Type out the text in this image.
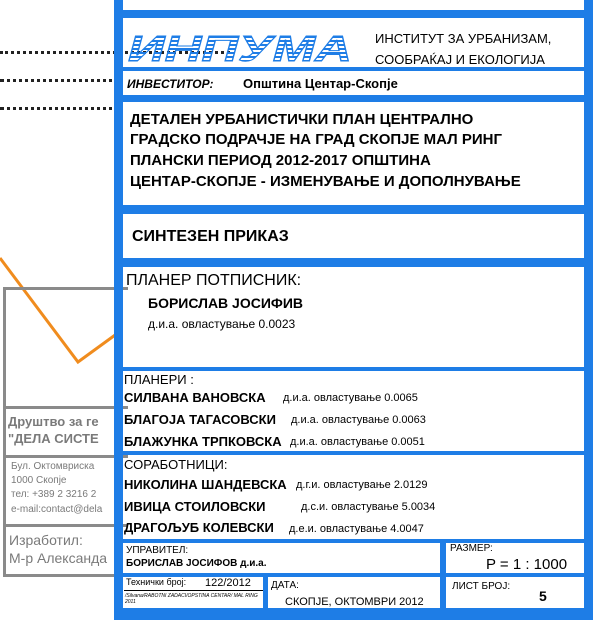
Друштво за ге
"ДЕЛА СИСТЕ
Бул. Октомвриска
1000 Скопје
тел: +389 2 3216 2
e-mail:contact@dela
Изработил:
М-р Александа
ИНПУМА ИНСТИТУТ ЗА УРБАНИЗАМ,
СООБРАЌАЈ И ЕКОЛОГИЈА
ИНВЕСТИТОР: Општина Центар-Скопје
ДЕТАЛЕН УРБАНИСТИЧКИ ПЛАН ЦЕНТРАЛНО
ГРАДСКО ПОДРАЧЈЕ НА ГРАД СКОПЈЕ МАЛ РИНГ
ПЛАНСКИ ПЕРИОД 2012-2017 ОПШТИНА
ЦЕНТАР-СКОПЈЕ - ИЗМЕНУВАЊЕ И ДОПОЛНУВАЊЕ
СИНТЕЗЕН ПРИКАЗ
ПЛАНЕР ПОТПИСНИК:
БОРИСЛАВ ЈОСИФИВ
д.и.а. овластување 0.0023
ПЛАНЕРИ :
СИЛВАНА ВАНОВСКА д.и.а. овластување 0.0065
БЛАГОЈА ТАГАСОВСКИ д.и.а. овластување 0.0063
БЛАЖУНКА ТРПКОВСКА д.и.а. овластување 0.0051
СОРАБОТНИЦИ:
НИКОЛИНА ШАНДЕВСКА д.г.и. овластување 2.0129
ИВИЦА СТОИЛОВСКИ	д.с.и. овластување 5.0034
ДРАГОЉУБ КОЛЕВСКИ д.е.и. овластување 4.0047
УПРАВИТЕЛ:
БОРИСЛАВ ЈОСИФОВ д.и.а.
РАЗМЕР:
P = 1 : 1000
Технички број: 122/2012
/Silvana/RABOTNI ZADACI/OPSTINA CENTAR/ MAL RING 2011
ДАТА:
СКОПЈЕ, ОКТОМВРИ 2012
ЛИСТ БРОЈ:
5
